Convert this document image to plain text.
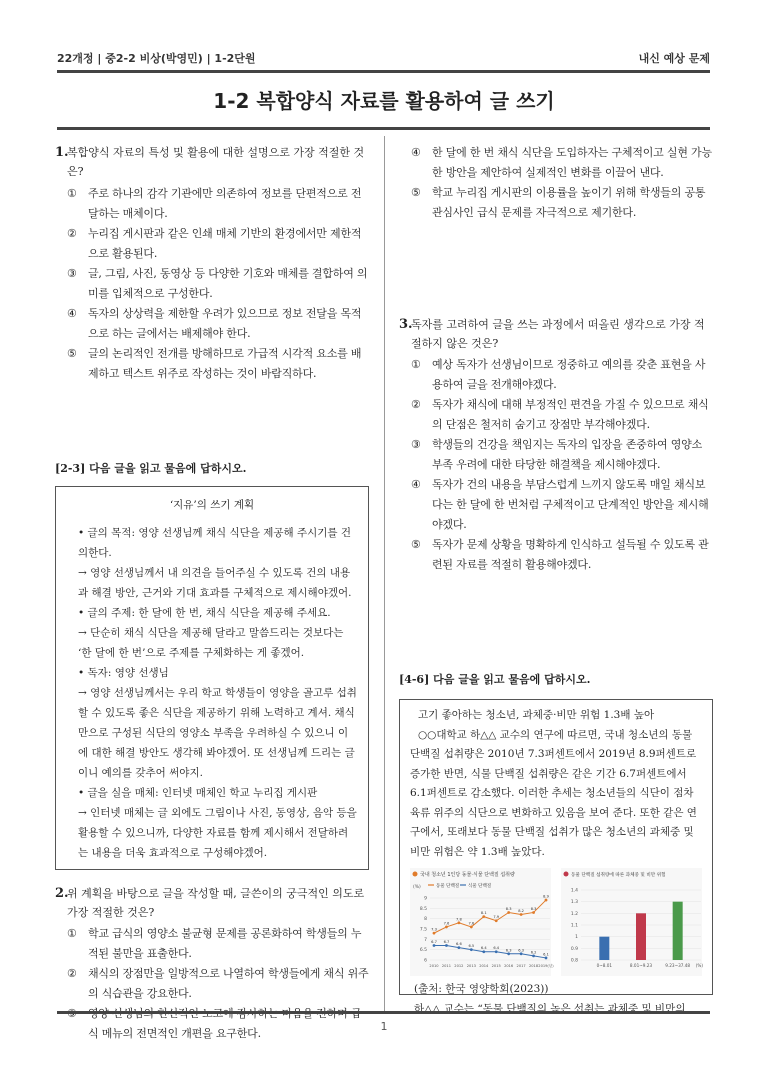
22개정 | 중2-2 비상(박영민) | 1-2단원	내신 예상 문제
1-2 복합양식 자료를 활용하여 글 쓰기

1.
복합양식 자료의 특성 및 활용에 대한 설명으로 가장 적절한 것은?

① 주로 하나의 감각 기관에만 의존하여 정보를 단편적으로 전달하는 매체이다.
② 누리집 게시판과 같은 인쇄 매체 기반의 환경에서만 제한적으로 활용된다.
③ 글, 그림, 사진, 동영상 등 다양한 기호와 매체를 결합하여 의미를 입체적으로 구성한다.
④ 독자의 상상력을 제한할 우려가 있으므로 정보 전달을 목적으로 하는 글에서는 배제해야 한다.
⑤ 글의 논리적인 전개를 방해하므로 가급적 시각적 요소를 배제하고 텍스트 위주로 작성하는 것이 바람직하다.
[2-3] 다음 글을 읽고 물음에 답하시오.
‘지유’의 쓰기 계획

• 글의 목적: 영양 선생님께 채식 식단을 제공해 주시기를 건의한다.

→ 영양 선생님께서 내 의견을 들어주실 수 있도록 건의 내용과 해결 방안, 근거와 기대 효과를 구체적으로 제시해야겠어.

• 글의 주제: 한 달에 한 번, 채식 식단을 제공해 주세요.

→ 단순히 채식 식단을 제공해 달라고 말씀드리는 것보다는 ‘한 달에 한 번’으로 주제를 구체화하는 게 좋겠어.

• 독자: 영양 선생님

→ 영양 선생님께서는 우리 학교 학생들이 영양을 골고루 섭취할 수 있도록 좋은 식단을 제공하기 위해 노력하고 계셔. 채식만으로 구성된 식단의 영양소 부족을 우려하실 수 있으니 이에 대한 해결 방안도 생각해 봐야겠어. 또 선생님께 드리는 글이니 예의를 갖추어 써야지.

• 글을 실을 매체: 인터넷 매체인 학교 누리집 게시판

→ 인터넷 매체는 글 외에도 그림이나 사진, 동영상, 음악 등을 활용할 수 있으니까, 다양한 자료를 함께 제시해서 전달하려는 내용을 더욱 효과적으로 구성해야겠어.

2.
위 계획을 바탕으로 글을 작성할 때, 글쓴이의 궁극적인 의도로 가장 적절한 것은?

① 학교 급식의 영양소 불균형 문제를 공론화하여 학생들의 누적된 불만을 표출한다.
② 채식의 장점만을 일방적으로 나열하여 학생들에게 채식 위주의 식습관을 강요한다.
③ 영양 선생님의 헌신적인 노고에 감사하는 마음을 전하며 급식 메뉴의 전면적인 개편을 요구한다.
④ 한 달에 한 번 채식 식단을 도입하자는 구체적이고 실현 가능한 방안을 제안하여 실제적인 변화를 이끌어 낸다.
⑤ 학교 누리집 게시판의 이용률을 높이기 위해 학생들의 공통 관심사인 급식 문제를 자극적으로 제기한다.

3.
독자를 고려하여 글을 쓰는 과정에서 떠올린 생각으로 가장 적절하지 않은 것은?

① 예상 독자가 선생님이므로 정중하고 예의를 갖춘 표현을 사용하여 글을 전개해야겠다.
② 독자가 채식에 대해 부정적인 편견을 가질 수 있으므로 채식의 단점은 철저히 숨기고 장점만 부각해야겠다.
③ 학생들의 건강을 책임지는 독자의 입장을 존중하여 영양소 부족 우려에 대한 타당한 해결책을 제시해야겠다.
④ 독자가 건의 내용을 부담스럽게 느끼지 않도록 매일 채식보다는 한 달에 한 번처럼 구체적이고 단계적인 방안을 제시해야겠다.
⑤ 독자가 문제 상황을 명확하게 인식하고 설득될 수 있도록 관련된 자료를 적절히 활용해야겠다.
[4-6] 다음 글을 읽고 물음에 답하시오.

고기 좋아하는 청소년, 과체중·비만 위험 1.3배 높아

○○대학교 하△△ 교수의 연구에 따르면, 국내 청소년의 동물 단백질 섭취량은 2010년 7.3퍼센트에서 2019년 8.9퍼센트로 증가한 반면, 식물 단백질 섭취량은 같은 기간 6.7퍼센트에서 6.1퍼센트로 감소했다. 이러한 추세는 청소년들의 식단이 점차 육류 위주의 식단으로 변화하고 있음을 보여 준다. 또한 같은 연구에서, 또래보다 동물 단백질 섭취가 많은 청소년의 과체중 및 비만 위험은 약 1.3배 높았다.

국내 청소년 1인당 동물·식물 단백질 섭취량
(%)	동물 단백질 식물 단백질
9
8.5
8
7.5
7
6.5
6
2010 2011 2012 2013 2014 2015 2016 2017 2018 2019(년)
7.3
7.6
7.8
7.6
8.1
7.9
8.3
8.2
8.3
8.9
6.7 6.7
6.6
6.5
6.4 6.4
6.3 6.3
6.2
6.1
동물 단백질 섭취량에 따른 과체중 및 비만 위험
1.4
1.3
1.2
1.1
1
0.9
0.8
0~8.01	8.01~9.23	9.23~37.48 (%)

(출처: 한국 영양학회(2023))

하△△ 교수는 “동물 단백질의 높은 섭취는 과체중 및 비만의

1
